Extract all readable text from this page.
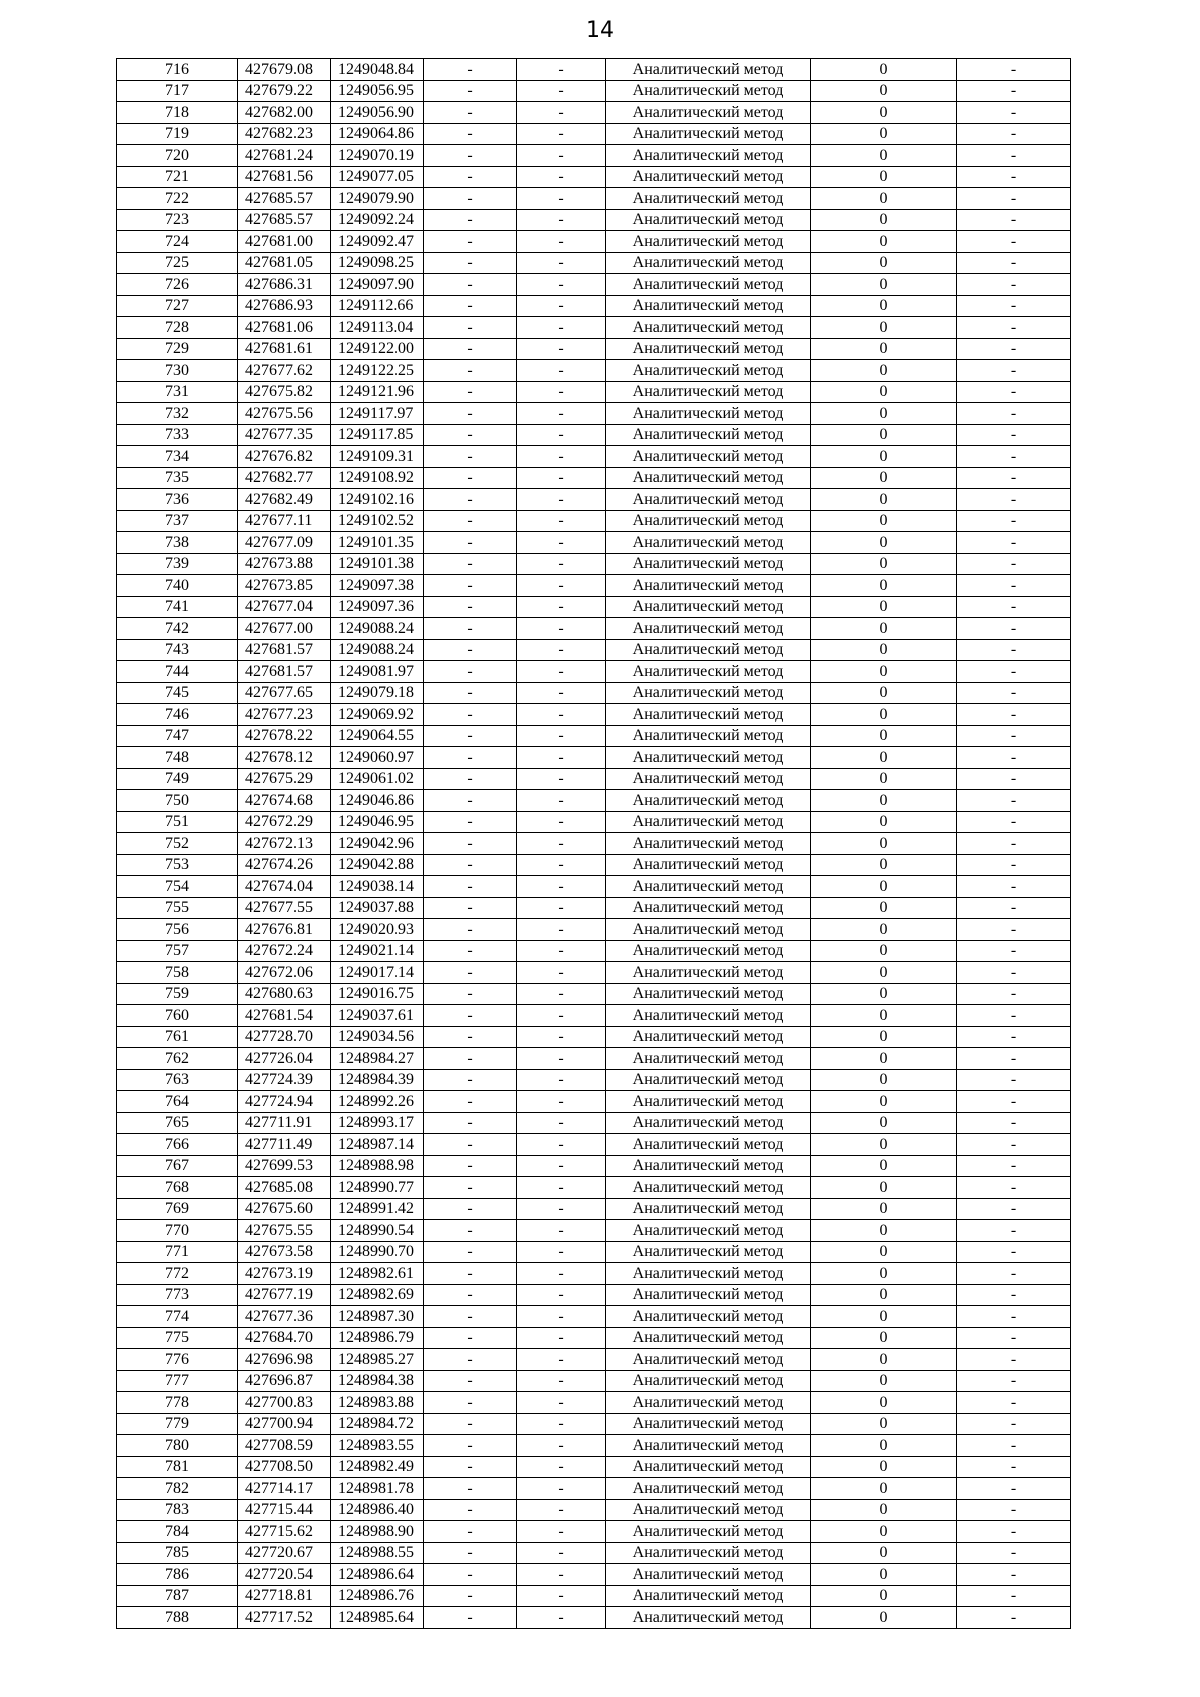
14
716	427679.08	1249048.84	-	-	Аналитический метод	0	-
717	427679.22	1249056.95	-	-	Аналитический метод	0	-
718	427682.00	1249056.90	-	-	Аналитический метод	0	-
719	427682.23	1249064.86	-	-	Аналитический метод	0	-
720	427681.24	1249070.19	-	-	Аналитический метод	0	-
721	427681.56	1249077.05	-	-	Аналитический метод	0	-
722	427685.57	1249079.90	-	-	Аналитический метод	0	-
723	427685.57	1249092.24	-	-	Аналитический метод	0	-
724	427681.00	1249092.47	-	-	Аналитический метод	0	-
725	427681.05	1249098.25	-	-	Аналитический метод	0	-
726	427686.31	1249097.90	-	-	Аналитический метод	0	-
727	427686.93	1249112.66	-	-	Аналитический метод	0	-
728	427681.06	1249113.04	-	-	Аналитический метод	0	-
729	427681.61	1249122.00	-	-	Аналитический метод	0	-
730	427677.62	1249122.25	-	-	Аналитический метод	0	-
731	427675.82	1249121.96	-	-	Аналитический метод	0	-
732	427675.56	1249117.97	-	-	Аналитический метод	0	-
733	427677.35	1249117.85	-	-	Аналитический метод	0	-
734	427676.82	1249109.31	-	-	Аналитический метод	0	-
735	427682.77	1249108.92	-	-	Аналитический метод	0	-
736	427682.49	1249102.16	-	-	Аналитический метод	0	-
737	427677.11	1249102.52	-	-	Аналитический метод	0	-
738	427677.09	1249101.35	-	-	Аналитический метод	0	-
739	427673.88	1249101.38	-	-	Аналитический метод	0	-
740	427673.85	1249097.38	-	-	Аналитический метод	0	-
741	427677.04	1249097.36	-	-	Аналитический метод	0	-
742	427677.00	1249088.24	-	-	Аналитический метод	0	-
743	427681.57	1249088.24	-	-	Аналитический метод	0	-
744	427681.57	1249081.97	-	-	Аналитический метод	0	-
745	427677.65	1249079.18	-	-	Аналитический метод	0	-
746	427677.23	1249069.92	-	-	Аналитический метод	0	-
747	427678.22	1249064.55	-	-	Аналитический метод	0	-
748	427678.12	1249060.97	-	-	Аналитический метод	0	-
749	427675.29	1249061.02	-	-	Аналитический метод	0	-
750	427674.68	1249046.86	-	-	Аналитический метод	0	-
751	427672.29	1249046.95	-	-	Аналитический метод	0	-
752	427672.13	1249042.96	-	-	Аналитический метод	0	-
753	427674.26	1249042.88	-	-	Аналитический метод	0	-
754	427674.04	1249038.14	-	-	Аналитический метод	0	-
755	427677.55	1249037.88	-	-	Аналитический метод	0	-
756	427676.81	1249020.93	-	-	Аналитический метод	0	-
757	427672.24	1249021.14	-	-	Аналитический метод	0	-
758	427672.06	1249017.14	-	-	Аналитический метод	0	-
759	427680.63	1249016.75	-	-	Аналитический метод	0	-
760	427681.54	1249037.61	-	-	Аналитический метод	0	-
761	427728.70	1249034.56	-	-	Аналитический метод	0	-
762	427726.04	1248984.27	-	-	Аналитический метод	0	-
763	427724.39	1248984.39	-	-	Аналитический метод	0	-
764	427724.94	1248992.26	-	-	Аналитический метод	0	-
765	427711.91	1248993.17	-	-	Аналитический метод	0	-
766	427711.49	1248987.14	-	-	Аналитический метод	0	-
767	427699.53	1248988.98	-	-	Аналитический метод	0	-
768	427685.08	1248990.77	-	-	Аналитический метод	0	-
769	427675.60	1248991.42	-	-	Аналитический метод	0	-
770	427675.55	1248990.54	-	-	Аналитический метод	0	-
771	427673.58	1248990.70	-	-	Аналитический метод	0	-
772	427673.19	1248982.61	-	-	Аналитический метод	0	-
773	427677.19	1248982.69	-	-	Аналитический метод	0	-
774	427677.36	1248987.30	-	-	Аналитический метод	0	-
775	427684.70	1248986.79	-	-	Аналитический метод	0	-
776	427696.98	1248985.27	-	-	Аналитический метод	0	-
777	427696.87	1248984.38	-	-	Аналитический метод	0	-
778	427700.83	1248983.88	-	-	Аналитический метод	0	-
779	427700.94	1248984.72	-	-	Аналитический метод	0	-
780	427708.59	1248983.55	-	-	Аналитический метод	0	-
781	427708.50	1248982.49	-	-	Аналитический метод	0	-
782	427714.17	1248981.78	-	-	Аналитический метод	0	-
783	427715.44	1248986.40	-	-	Аналитический метод	0	-
784	427715.62	1248988.90	-	-	Аналитический метод	0	-
785	427720.67	1248988.55	-	-	Аналитический метод	0	-
786	427720.54	1248986.64	-	-	Аналитический метод	0	-
787	427718.81	1248986.76	-	-	Аналитический метод	0	-
788	427717.52	1248985.64	-	-	Аналитический метод	0	-
